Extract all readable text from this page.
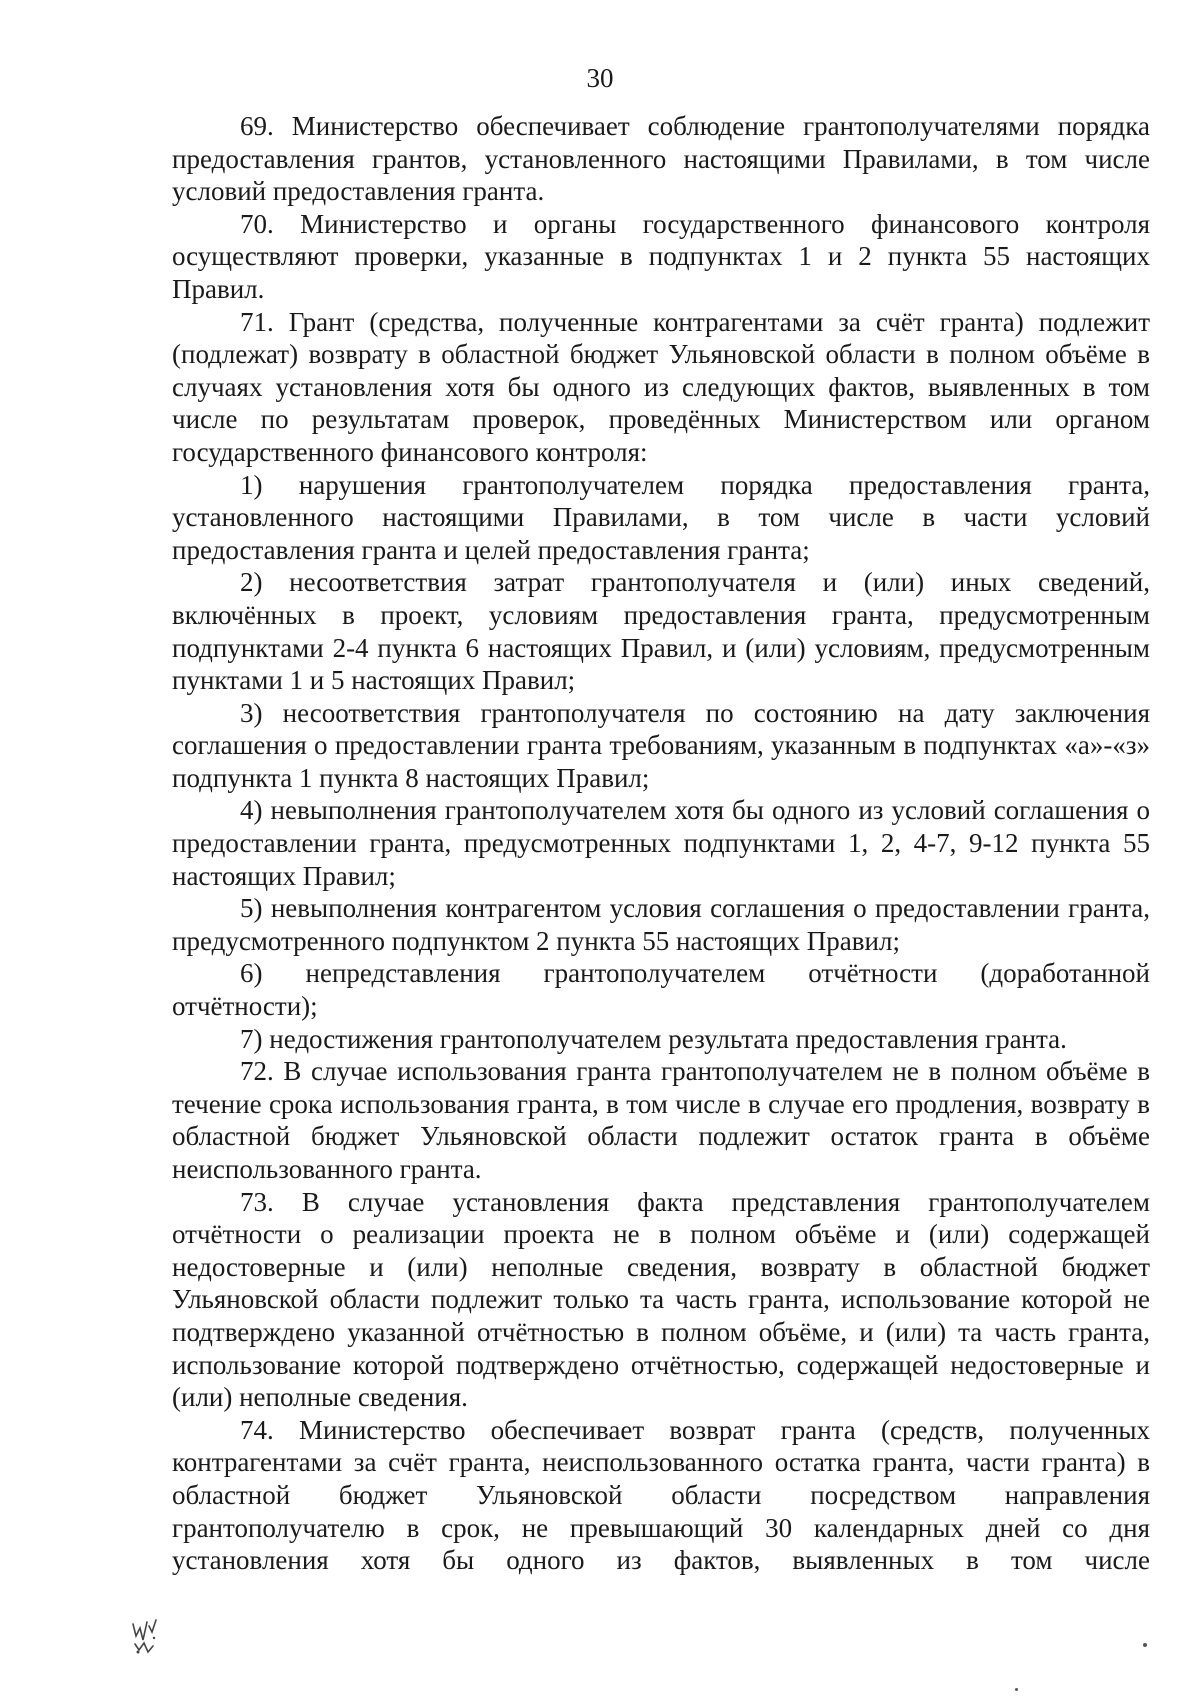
30

69. Министерство обеспечивает соблюдение грантополучателями порядка предоставления грантов, установленного настоящими Правилами, в том числе условий предоставления гранта.

70. Министерство и органы государственного финансового контроля осуществляют проверки, указанные в подпунктах 1 и 2 пункта 55 настоящих Правил.

71. Грант (средства, полученные контрагентами за счёт гранта) подлежит (подлежат) возврату в областной бюджет Ульяновской области в полном объёме в случаях установления хотя бы одного из следующих фактов, выявленных в том числе по результатам проверок, проведённых Министерством или органом государственного финансового контроля:

1) нарушения грантополучателем порядка предоставления гранта, установленного настоящими Правилами, в том числе в части условий предоставления гранта и целей предоставления гранта;

2) несоответствия затрат грантополучателя и (или) иных сведений, включённых в проект, условиям предоставления гранта, предусмотренным подпунктами 2-4 пункта 6 настоящих Правил, и (или) условиям, предусмотренным пунктами 1 и 5 настоящих Правил;

3) несоответствия грантополучателя по состоянию на дату заключения соглашения о предоставлении гранта требованиям, указанным в подпунктах «а»-«з» подпункта 1 пункта 8 настоящих Правил;

4) невыполнения грантополучателем хотя бы одного из условий соглашения о предоставлении гранта, предусмотренных подпунктами 1, 2, 4-7, 9-12 пункта 55 настоящих Правил;

5) невыполнения контрагентом условия соглашения о предоставлении гранта, предусмотренного подпунктом 2 пункта 55 настоящих Правил;

6) непредставления грантополучателем отчётности (доработанной отчётности);

7) недостижения грантополучателем результата предоставления гранта.

72. В случае использования гранта грантополучателем не в полном объёме в течение срока использования гранта, в том числе в случае его продления, возврату в областной бюджет Ульяновской области подлежит остаток гранта в объёме неиспользованного гранта.

73. В случае установления факта представления грантополучателем отчётности о реализации проекта не в полном объёме и (или) содержащей недостоверные и (или) неполные сведения, возврату в областной бюджет Ульяновской области подлежит только та часть гранта, использование которой не подтверждено указанной отчётностью в полном объёме, и (или) та часть гранта, использование которой подтверждено отчётностью, содержащей недостоверные и (или) неполные сведения.

74. Министерство обеспечивает возврат гранта (средств, полученных контрагентами за счёт гранта, неиспользованного остатка гранта, части гранта) в областной бюджет Ульяновской области посредством направления грантополучателю в срок, не превышающий 30 календарных дней со дня установления хотя бы одного из фактов, выявленных в том числе
